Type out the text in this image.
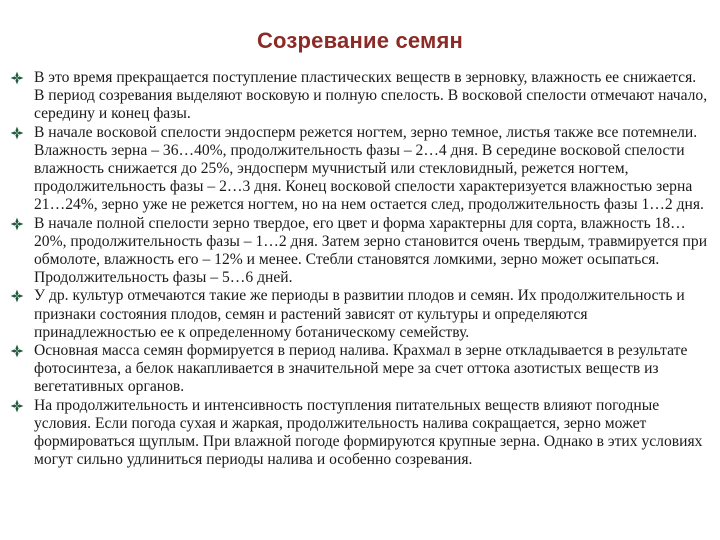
Созревание семян
В это время прекращается поступление пластических веществ в зерновку, влажность ее снижается. В период созревания выделяют восковую и полную спелость. В восковой спелости отмечают начало, середину и конец фазы.
В начале восковой спелости эндосперм режется ногтем, зерно темное, листья также все потемнели. Влажность зерна – 36…40%, продолжительность фазы – 2…4 дня. В середине восковой спелости влажность снижается до 25%, эндосперм мучнистый или стекловидный, режется ногтем, продолжительность фазы – 2…3 дня. Конец восковой спелости характеризуется влажностью зерна 21…24%, зерно уже не режется ногтем, но на нем остается след, продолжительность фазы 1…2 дня.
В начале полной спелости зерно твердое, его цвет и форма характерны для сорта, влажность 18…20%, продолжительность фазы – 1…2 дня. Затем зерно становится очень твердым, травмируется при обмолоте, влажность его – 12% и менее. Стебли становятся ломкими, зерно может осыпаться. Продолжительность фазы – 5…6 дней.
У др. культур отмечаются такие же периоды в развитии плодов и семян. Их продолжительность и признаки состояния плодов, семян и растений зависят от культуры и определяются принадлежностью ее к определенному ботаническому семейству.
Основная масса семян формируется в период налива. Крахмал в зерне откладывается в результате фотосинтеза, а белок накапливается в значительной мере за счет оттока азотистых веществ из вегетативных органов.
На продолжительность и интенсивность поступления питательных веществ влияют погодные условия. Если погода сухая и жаркая, продолжительность налива сокращается, зерно может формироваться щуплым. При влажной погоде формируются крупные зерна. Однако в этих условиях могут сильно удлиниться периоды налива и особенно созревания.
